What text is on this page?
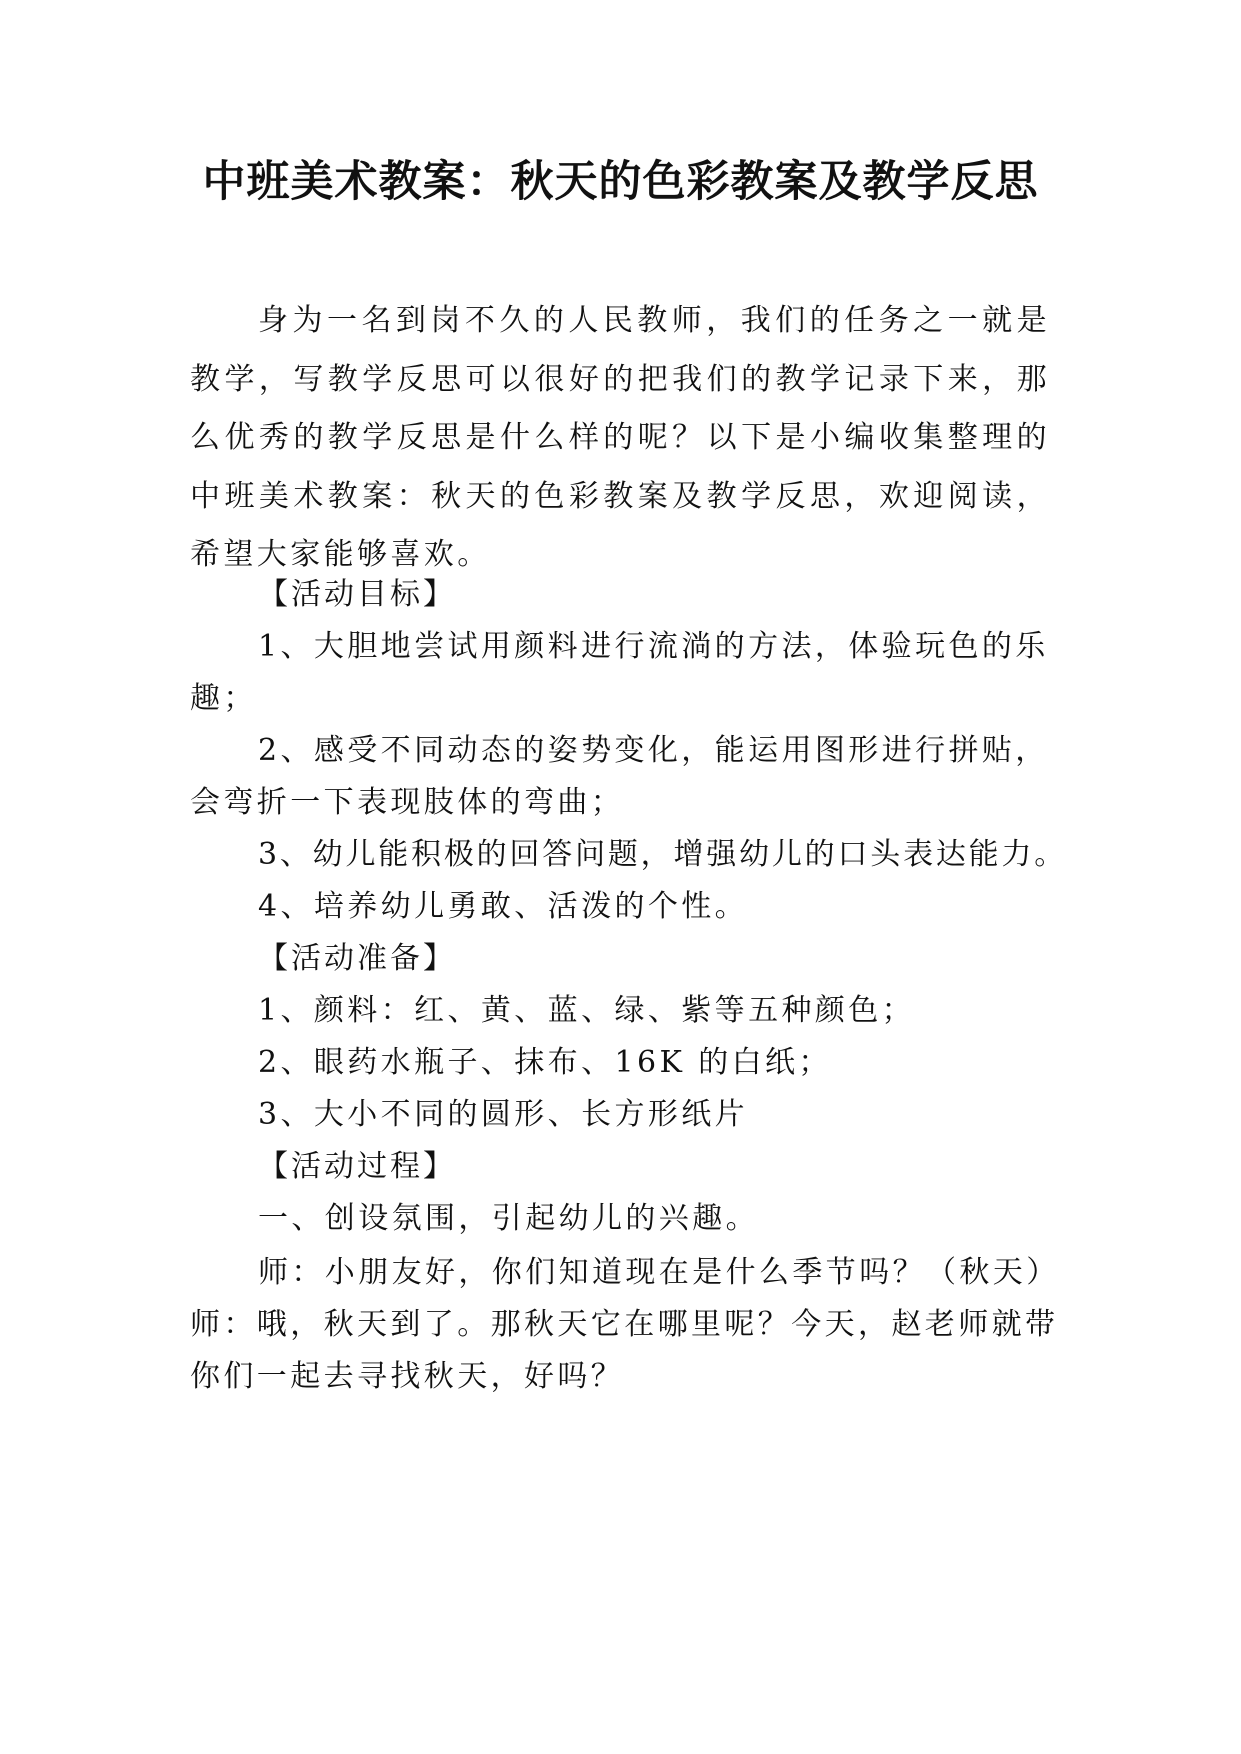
中班美术教案：秋天的色彩教案及教学反思

身为一名到岗不久的人民教师，我们的任务之一就是教学，写教学反思可以很好的把我们的教学记录下来，那么优秀的教学反思是什么样的呢？以下是小编收集整理的中班美术教案：秋天的色彩教案及教学反思，欢迎阅读，希望大家能够喜欢。

【活动目标】

1、大胆地尝试用颜料进行流淌的方法，体验玩色的乐

趣；

2、感受不同动态的姿势变化，能运用图形进行拼贴，

会弯折一下表现肢体的弯曲；

3、幼儿能积极的回答问题，增强幼儿的口头表达能力。

4、培养幼儿勇敢、活泼的个性。

【活动准备】

1、颜料：红、黄、蓝、绿、紫等五种颜色；

2、眼药水瓶子、抹布、16K 的白纸；

3、大小不同的圆形、长方形纸片

【活动过程】

一、创设氛围，引起幼儿的兴趣。

师：小朋友好，你们知道现在是什么季节吗？（秋天）

师：哦，秋天到了。那秋天它在哪里呢？今天，赵老师就带

你们一起去寻找秋天，好吗？
